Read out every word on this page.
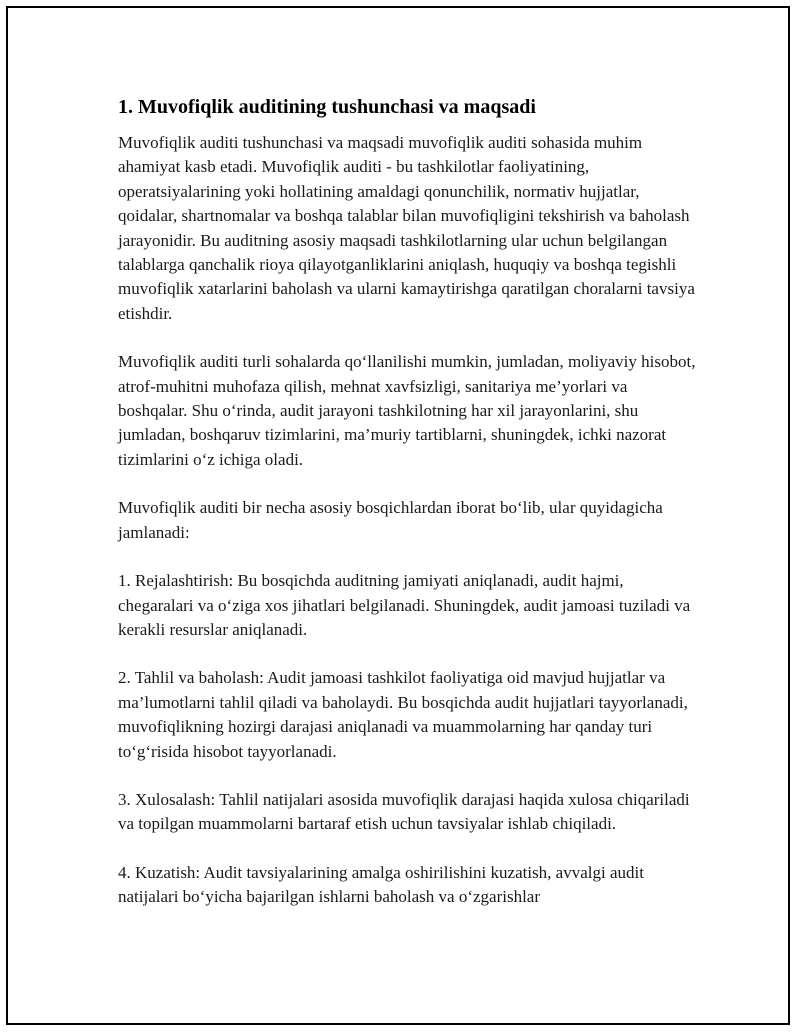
1. Muvofiqlik auditining tushunchasi va maqsadi

Muvofiqlik auditi tushunchasi va maqsadi muvofiqlik auditi sohasida muhim ahamiyat kasb etadi. Muvofiqlik auditi - bu tashkilotlar faoliyatining, operatsiyalarining yoki hollatining amaldagi qonunchilik, normativ hujjatlar, qoidalar, shartnomalar va boshqa talablar bilan muvofiqligini tekshirish va baholash jarayonidir. Bu auditning asosiy maqsadi tashkilotlarning ular uchun belgilangan talablarga qanchalik rioya qilayotganliklarini aniqlash, huquqiy va boshqa tegishli muvofiqlik xatarlarini baholash va ularni kamaytirishga qaratilgan choralarni tavsiya etishdir.

Muvofiqlik auditi turli sohalarda qo‘llanilishi mumkin, jumladan, moliyaviy hisobot, atrof-muhitni muhofaza qilish, mehnat xavfsizligi, sanitariya me’yorlari va boshqalar. Shu o‘rinda, audit jarayoni tashkilotning har xil jarayonlarini, shu jumladan, boshqaruv tizimlarini, ma’muriy tartiblarni, shuningdek, ichki nazorat tizimlarini o‘z ichiga oladi.

Muvofiqlik auditi bir necha asosiy bosqichlardan iborat bo‘lib, ular quyidagicha jamlanadi:

1. Rejalashtirish: Bu bosqichda auditning jamiyati aniqlanadi, audit hajmi, chegaralari va oʻziga xos jihatlari belgilanadi. Shuningdek, audit jamoasi tuziladi va kerakli resurslar aniqlanadi.

2. Tahlil va baholash: Audit jamoasi tashkilot faoliyatiga oid mavjud hujjatlar va ma’lumotlarni tahlil qiladi va baholaydi. Bu bosqichda audit hujjatlari tayyorlanadi, muvofiqlikning hozirgi darajasi aniqlanadi va muammolarning har qanday turi to‘g‘risida hisobot tayyorlanadi.

3. Xulosalash: Tahlil natijalari asosida muvofiqlik darajasi haqida xulosa chiqariladi va topilgan muammolarni bartaraf etish uchun tavsiyalar ishlab chiqiladi.

4. Kuzatish: Audit tavsiyalarining amalga oshirilishini kuzatish, avvalgi audit natijalari bo‘yicha bajarilgan ishlarni baholash va o‘zgarishlar
